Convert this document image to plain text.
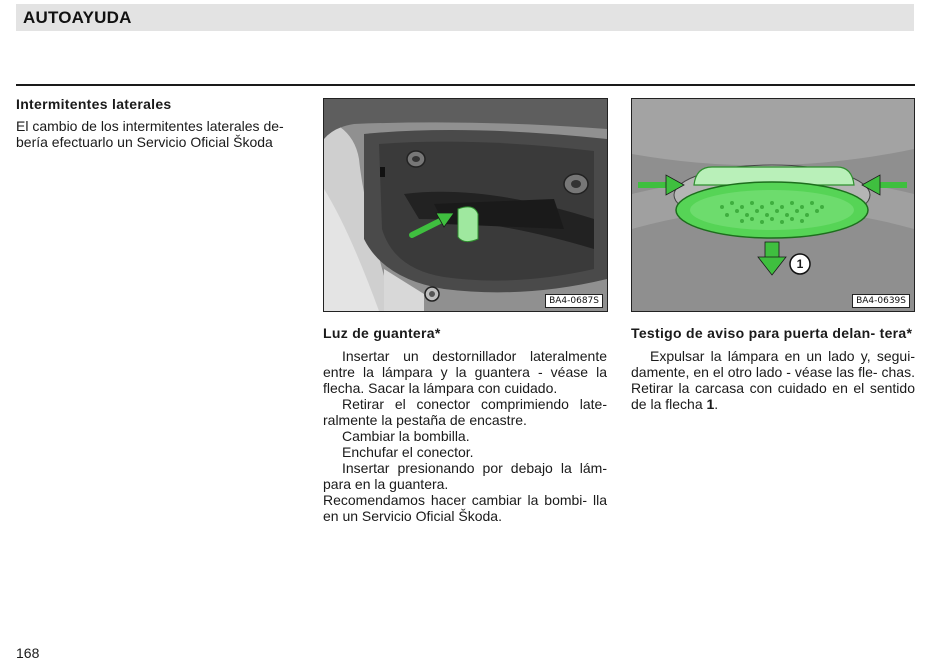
AUTOAYUDA
Intermitentes laterales

El cambio de los intermitentes laterales de- bería efectuarlo un Servicio Oficial Škoda

BA4-0687S
1
BA4-0639S
Luz de guantera*

Insertar un destornillador lateralmente entre la lámpara y la guantera - véase la flecha. Sacar la lámpara con cuidado.

Retirar el conector comprimiendo late- ralmente la pestaña de encastre.

Cambiar la bombilla.

Enchufar el conector.

Insertar presionando por debajo la lám- para en la guantera.

Recomendamos hacer cambiar la bombi- lla en un Servicio Oficial Škoda.

Testigo de aviso para puerta delan- tera*

Expulsar la lámpara en un lado y, segui- damente, en el otro lado - véase las fle- chas. Retirar la carcasa con cuidado en el sentido de la flecha 1.

168
